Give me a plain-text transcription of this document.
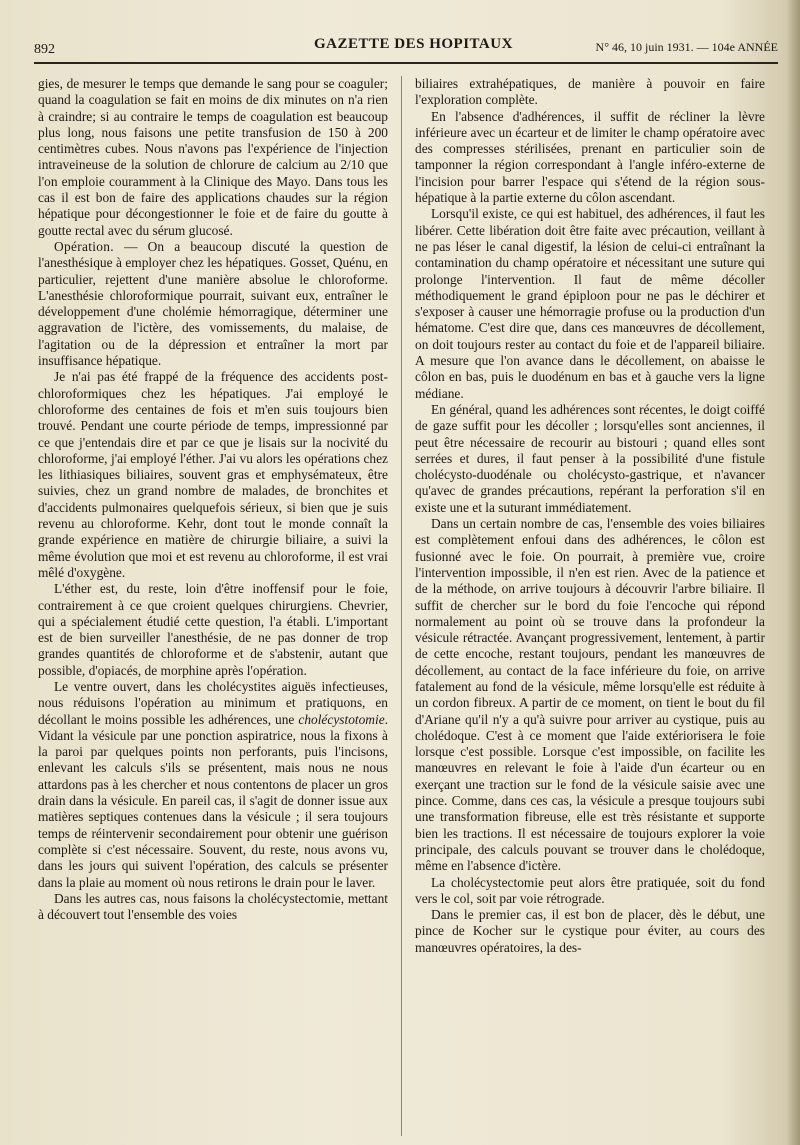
892	GAZETTE DES HOPITAUX	N° 46, 10 juin 1931. — 104e ANNÉE

gies, de mesurer le temps que demande le sang pour se coaguler; quand la coagulation se fait en moins de dix minutes on n'a rien à craindre; si au contraire le temps de coagulation est beaucoup plus long, nous faisons une petite transfusion de 150 à 200 centimètres cubes. Nous n'avons pas l'expérience de l'injection intraveineuse de la solution de chlorure de calcium au 2/10 que l'on emploie couramment à la Clinique des Mayo. Dans tous les cas il est bon de faire des applications chaudes sur la région hépatique pour décongestionner le foie et de faire du goutte à goutte rectal avec du sérum glucosé.

Opération. — On a beaucoup discuté la question de l'anesthésique à employer chez les hépatiques. Gosset, Quénu, en particulier, rejettent d'une manière absolue le chloroforme. L'anesthésie chloroformique pourrait, suivant eux, entraîner le développement d'une cholémie hémorragique, déterminer une aggravation de l'ictère, des vomissements, du malaise, de l'agitation ou de la dépression et entraîner la mort par insuffisance hépatique.

Je n'ai pas été frappé de la fréquence des accidents post-chloroformiques chez les hépatiques. J'ai employé le chloroforme des centaines de fois et m'en suis toujours bien trouvé. Pendant une courte période de temps, impressionné par ce que j'entendais dire et par ce que je lisais sur la nocivité du chloroforme, j'ai employé l'éther. J'ai vu alors les opérations chez les lithiasiques biliaires, souvent gras et emphysémateux, être suivies, chez un grand nombre de malades, de bronchites et d'accidents pulmonaires quelquefois sérieux, si bien que je suis revenu au chloroforme. Kehr, dont tout le monde connaît la grande expérience en matière de chirurgie biliaire, a suivi la même évolution que moi et est revenu au chloroforme, il est vrai mêlé d'oxygène.

L'éther est, du reste, loin d'être inoffensif pour le foie, contrairement à ce que croient quelques chirurgiens. Chevrier, qui a spécialement étudié cette question, l'a établi. L'important est de bien surveiller l'anesthésie, de ne pas donner de trop grandes quantités de chloroforme et de s'abstenir, autant que possible, d'opiacés, de morphine après l'opération.

Le ventre ouvert, dans les cholécystites aiguës infectieuses, nous réduisons l'opération au minimum et pratiquons, en décollant le moins possible les adhérences, une cholécystotomie. Vidant la vésicule par une ponction aspiratrice, nous la fixons à la paroi par quelques points non perforants, puis l'incisons, enlevant les calculs s'ils se présentent, mais nous ne nous attardons pas à les chercher et nous contentons de placer un gros drain dans la vésicule. En pareil cas, il s'agit de donner issue aux matières septiques contenues dans la vésicule ; il sera toujours temps de réintervenir secondairement pour obtenir une guérison complète si c'est nécessaire. Souvent, du reste, nous avons vu, dans les jours qui suivent l'opération, des calculs se présenter dans la plaie au moment où nous retirons le drain pour le laver.

Dans les autres cas, nous faisons la cholécystectomie, mettant à découvert tout l'ensemble des voies

biliaires extrahépatiques, de manière à pouvoir en faire l'exploration complète.

En l'absence d'adhérences, il suffit de récliner la lèvre inférieure avec un écarteur et de limiter le champ opératoire avec des compresses stérilisées, prenant en particulier soin de tamponner la région correspondant à l'angle inféro-externe de l'incision pour barrer l'espace qui s'étend de la région sous-hépatique à la partie externe du côlon ascendant.

Lorsqu'il existe, ce qui est habituel, des adhérences, il faut les libérer. Cette libération doit être faite avec précaution, veillant à ne pas léser le canal digestif, la lésion de celui-ci entraînant la contamination du champ opératoire et nécessitant une suture qui prolonge l'intervention. Il faut de même décoller méthodiquement le grand épiploon pour ne pas le déchirer et s'exposer à causer une hémorragie profuse ou la production d'un hématome. C'est dire que, dans ces manœuvres de décollement, on doit toujours rester au contact du foie et de l'appareil biliaire. A mesure que l'on avance dans le décollement, on abaisse le côlon en bas, puis le duodénum en bas et à gauche vers la ligne médiane.

En général, quand les adhérences sont récentes, le doigt coiffé de gaze suffit pour les décoller ; lorsqu'elles sont anciennes, il peut être nécessaire de recourir au bistouri ; quand elles sont serrées et dures, il faut penser à la possibilité d'une fistule cholécysto-duodénale ou cholécysto-gastrique, et n'avancer qu'avec de grandes précautions, repérant la perforation s'il en existe une et la suturant immédiatement.

Dans un certain nombre de cas, l'ensemble des voies biliaires est complètement enfoui dans des adhérences, le côlon est fusionné avec le foie. On pourrait, à première vue, croire l'intervention impossible, il n'en est rien. Avec de la patience et de la méthode, on arrive toujours à découvrir l'arbre biliaire. Il suffit de chercher sur le bord du foie l'encoche qui répond normalement au point où se trouve dans la profondeur la vésicule rétractée. Avançant progressivement, lentement, à partir de cette encoche, restant toujours, pendant les manœuvres de décollement, au contact de la face inférieure du foie, on arrive fatalement au fond de la vésicule, même lorsqu'elle est réduite à un cordon fibreux. A partir de ce moment, on tient le bout du fil d'Ariane qu'il n'y a qu'à suivre pour arriver au cystique, puis au cholédoque. C'est à ce moment que l'aide extériorisera le foie lorsque c'est possible. Lorsque c'est impossible, on facilite les manœuvres en relevant le foie à l'aide d'un écarteur ou en exerçant une traction sur le fond de la vésicule saisie avec une pince. Comme, dans ces cas, la vésicule a presque toujours subi une transformation fibreuse, elle est très résistante et supporte bien les tractions. Il est nécessaire de toujours explorer la voie principale, des calculs pouvant se trouver dans le cholédoque, même en l'absence d'ictère.

La cholécystectomie peut alors être pratiquée, soit du fond vers le col, soit par voie rétrograde.

Dans le premier cas, il est bon de placer, dès le début, une pince de Kocher sur le cystique pour éviter, au cours des manœuvres opératoires, la des-
